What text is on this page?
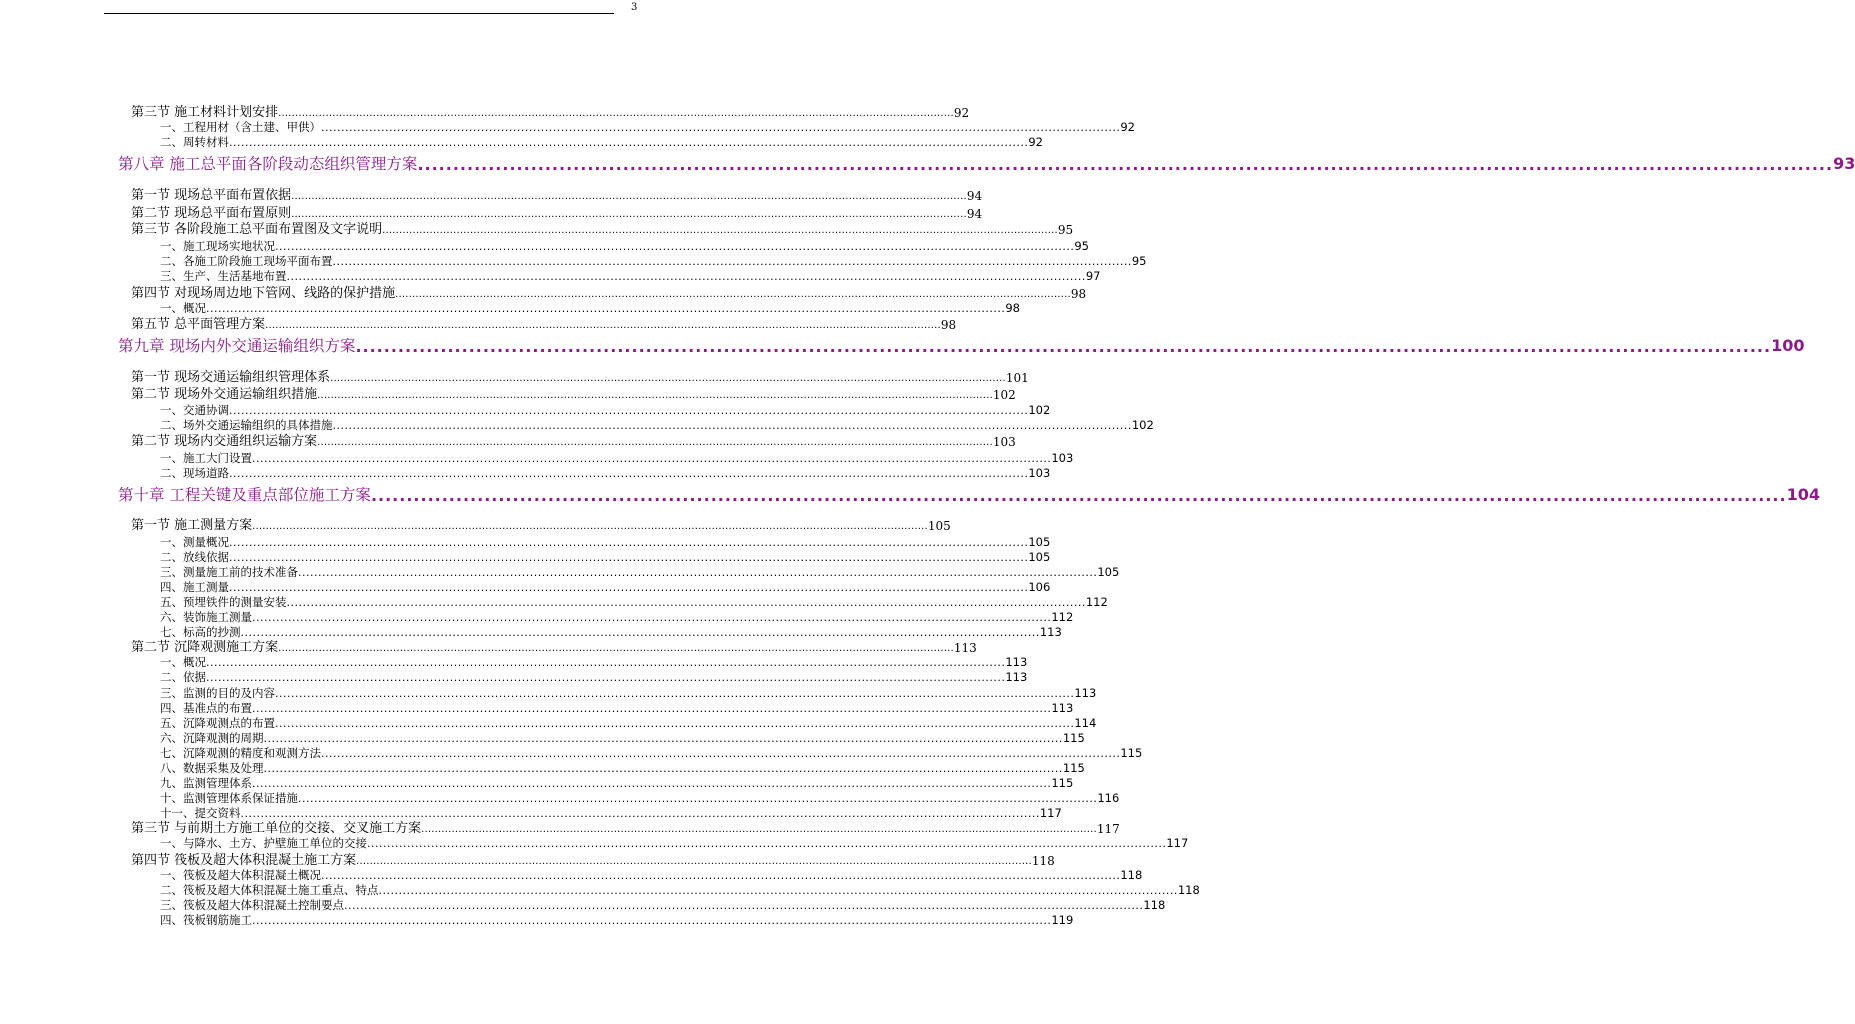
3
第三节 施工材料计划安排 ........................................................................................................................................................................................................ 92
一、工程用材（含土建、甲供） ........................................................................................................................................................................................................ 92
二、周转材料 ........................................................................................................................................................................................................ 92
第八章 施工总平面各阶段动态组织管理方案 ........................................................................................................................................................................................................ 93
第一节 现场总平面布置依据 ........................................................................................................................................................................................................ 94
第二节 现场总平面布置原则 ........................................................................................................................................................................................................ 94
第三节 各阶段施工总平面布置图及文字说明 ........................................................................................................................................................................................................ 95
一、施工现场实地状况 ........................................................................................................................................................................................................ 95
二、各施工阶段施工现场平面布置 ........................................................................................................................................................................................................ 95
三、生产、生活基地布置 ........................................................................................................................................................................................................ 97
第四节 对现场周边地下管网、线路的保护措施 ........................................................................................................................................................................................................ 98
一、概况 ........................................................................................................................................................................................................ 98
第五节 总平面管理方案 ........................................................................................................................................................................................................ 98
第九章 现场内外交通运输组织方案 ........................................................................................................................................................................................................ 100
第一节 现场交通运输组织管理体系 ........................................................................................................................................................................................................ 101
第二节 现场外交通运输组织措施 ........................................................................................................................................................................................................ 102
一、交通协调 ........................................................................................................................................................................................................ 102
二、场外交通运输组织的具体措施 ........................................................................................................................................................................................................ 102
第二节 现场内交通组织运输方案 ........................................................................................................................................................................................................ 103
一、施工大门设置 ........................................................................................................................................................................................................ 103
二、现场道路 ........................................................................................................................................................................................................ 103
第十章 工程关键及重点部位施工方案 ........................................................................................................................................................................................................ 104
第一节 施工测量方案 ........................................................................................................................................................................................................ 105
一、测量概况 ........................................................................................................................................................................................................ 105
二、放线依据 ........................................................................................................................................................................................................ 105
三、测量施工前的技术准备 ........................................................................................................................................................................................................ 105
四、施工测量 ........................................................................................................................................................................................................ 106
五、预埋铁件的测量安装 ........................................................................................................................................................................................................ 112
六、装饰施工测量 ........................................................................................................................................................................................................ 112
七、标高的抄测 ........................................................................................................................................................................................................ 113
第二节 沉降观测施工方案 ........................................................................................................................................................................................................ 113
一、概况 ........................................................................................................................................................................................................ 113
二、依据 ........................................................................................................................................................................................................ 113
三、监测的目的及内容 ........................................................................................................................................................................................................ 113
四、基准点的布置 ........................................................................................................................................................................................................ 113
五、沉降观测点的布置 ........................................................................................................................................................................................................ 114
六、沉降观测的周期 ........................................................................................................................................................................................................ 115
七、沉降观测的精度和观测方法 ........................................................................................................................................................................................................ 115
八、数据采集及处理 ........................................................................................................................................................................................................ 115
九、监测管理体系 ........................................................................................................................................................................................................ 115
十、监测管理体系保证措施 ........................................................................................................................................................................................................ 116
十一、提交资料 ........................................................................................................................................................................................................ 117
第三节 与前期土方施工单位的交接、交叉施工方案 ........................................................................................................................................................................................................ 117
一、与降水、土方、护壁施工单位的交接 ........................................................................................................................................................................................................ 117
第四节 筏板及超大体积混凝土施工方案 ........................................................................................................................................................................................................ 118
一、筏板及超大体积混凝土概况 ........................................................................................................................................................................................................ 118
二、筏板及超大体积混凝土施工重点、特点 ........................................................................................................................................................................................................ 118
三、筏板及超大体积混凝土控制要点 ........................................................................................................................................................................................................ 118
四、筏板钢筋施工 ........................................................................................................................................................................................................ 119
